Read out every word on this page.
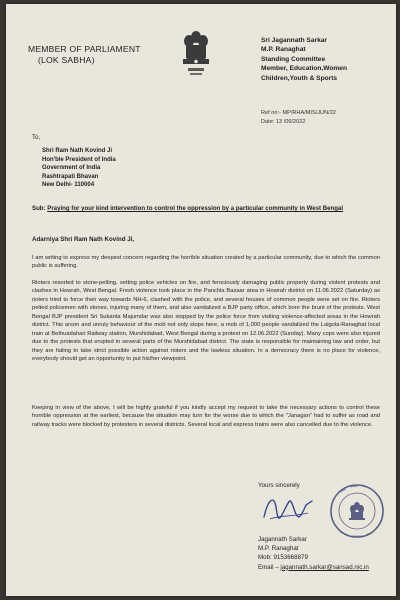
MEMBER OF PARLIAMENT
(LOK SABHA)
Sri Jagannath Sarkar
M.P. Ranaghat
Standing Committee
Member, Education,Women
Children,Youth & Sports
Ref no:- MP/RHA/MIS/JUN/22
Date: 13 /06/2022
To,
Shri Ram Nath Kovind Ji
Hon'ble President of India
Government of India
Rashtrapati Bhavan
New Delhi- 110004
Sub: Praying for your kind intervention to control the oppression by a particular community in West Bengal
Adarniya Shri Ram Nath Kovind Ji,
I am writing to express my deepest concern regarding the horrible situation created by a particular community, due to which the common public is suffering.
Rioters resorted to stone-pelting, setting police vehicles on fire, and ferociously damaging public property during violent protests and clashes in Howrah, West Bengal. Fresh violence took place in the Panchla Bazaar area in Howrah district on 11.06.2022 (Saturday) as rioters tried to force their way towards NH-6, clashed with the police, and several houses of common people were set on fire. Rioters pelted policemen with stones, injuring many of them, and also vandalized a BJP party office, which bore the brunt of the protests. West Bengal BJP president Sri Sukanta Majumdar was also stopped by the police force from visiting violence-affected areas in the Howrah district. This arson and unruly behaviour of the mob not only stops here, a mob of 1,000 people vandalized the Lalgola-Ranaghat local train at Bethuadahari Railway station, Murshidabad, West Bengal during a protest on 12.06.2022 (Sunday). Many cops were also injured due to the protests that erupted in several parts of the Murshidabad district. The state is responsible for maintaining law and order, but they are failing to take strict possible action against rioters and the lawless situation. In a democracy there is no place for violence, everybody should get an opportunity to put his/her viewpoint.
Keeping in view of the above, I will be highly grateful if you kindly accept my request to take the necessary actions to control these horrible oppression at the earliest, because the situation may turn for the worse due to which the "Janagan" had to suffer as road and railway tracks were blocked by protesters in several districts. Several local and express trains were also cancelled due to the violence.
Yours sincerely
Jagannath Sarkar
M.P. Ranaghat
Mob: 9153668879
Email – jagannath.sarkar@sansad.nic.in
